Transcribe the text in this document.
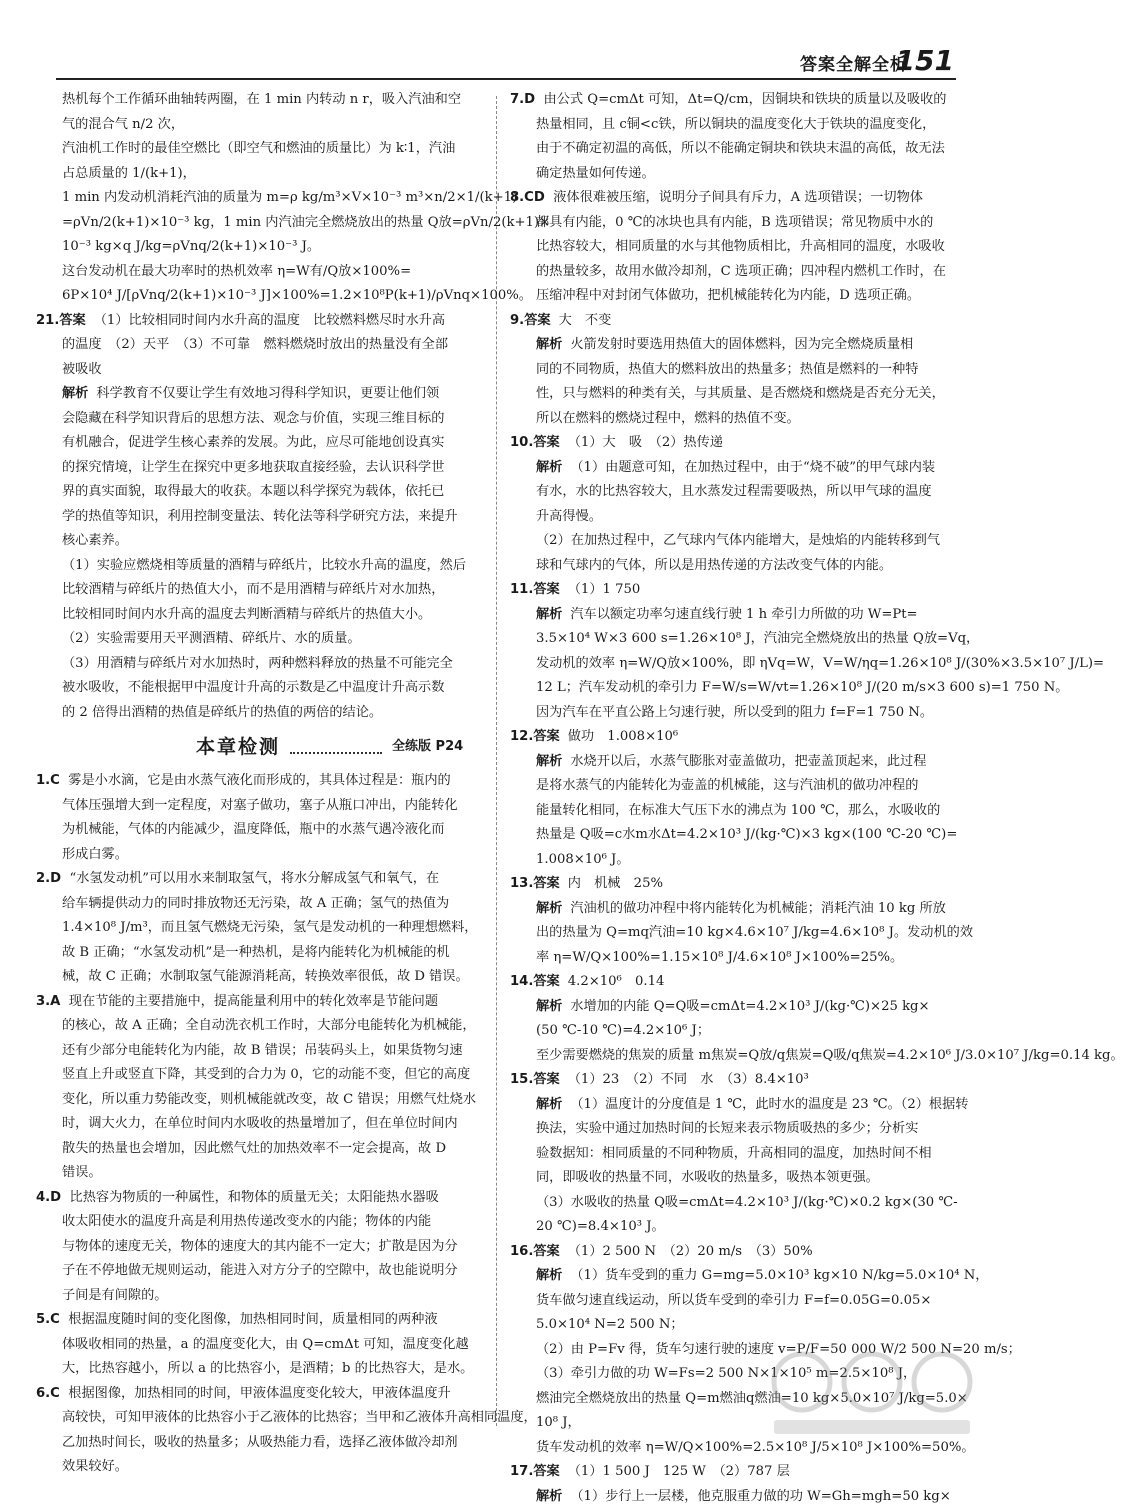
答案全解全析
151
热机每个工作循环曲轴转两圈，在 1 min 内转动 n r，吸入汽油和空
气的混合气 n/2 次，
汽油机工作时的最佳空燃比（即空气和燃油的质量比）为 k∶1，汽油
占总质量的 1/(k+1)，
1 min 内发动机消耗汽油的质量为 m=ρ kg/m³×V×10⁻³ m³×n/2×1/(k+1)
=ρVn/2(k+1)×10⁻³ kg，1 min 内汽油完全燃烧放出的热量 Q放=ρVn/2(k+1)×
10⁻³ kg×q J/kg=ρVnq/2(k+1)×10⁻³ J。
这台发动机在最大功率时的热机效率 η=W有/Q放×100%=
6P×10⁴ J/[ρVnq/2(k+1)×10⁻³ J]×100%=1.2×10⁸P(k+1)/ρVnq×100%。
21.答案 （1）比较相同时间内水升高的温度　比较燃料燃尽时水升高
的温度　（2）天平　（3）不可靠　燃料燃烧时放出的热量没有全部
被吸收
解析 科学教育不仅要让学生有效地习得科学知识，更要让他们领
会隐藏在科学知识背后的思想方法、观念与价值，实现三维目标的
有机融合，促进学生核心素养的发展。为此，应尽可能地创设真实
的探究情境，让学生在探究中更多地获取直接经验，去认识科学世
界的真实面貌，取得最大的收获。本题以科学探究为载体，依托已
学的热值等知识，利用控制变量法、转化法等科学研究方法，来提升
核心素养。
（1）实验应燃烧相等质量的酒精与碎纸片，比较水升高的温度，然后
比较酒精与碎纸片的热值大小，而不是用酒精与碎纸片对水加热，
比较相同时间内水升高的温度去判断酒精与碎纸片的热值大小。
（2）实验需要用天平测酒精、碎纸片、水的质量。
（3）用酒精与碎纸片对水加热时，两种燃料释放的热量不可能完全
被水吸收，不能根据甲中温度计升高的示数是乙中温度计升高示数
的 2 倍得出酒精的热值是碎纸片的热值的两倍的结论。
本章检测	全练版 P24
1.C 雾是小水滴，它是由水蒸气液化而形成的，其具体过程是：瓶内的
气体压强增大到一定程度，对塞子做功，塞子从瓶口冲出，内能转化
为机械能，气体的内能减少，温度降低，瓶中的水蒸气遇冷液化而
形成白雾。
2.D “水氢发动机”可以用水来制取氢气，将水分解成氢气和氧气，在
给车辆提供动力的同时排放物还无污染，故 A 正确；氢气的热值为
1.4×10⁸ J/m³，而且氢气燃烧无污染，氢气是发动机的一种理想燃料，
故 B 正确；“水氢发动机”是一种热机，是将内能转化为机械能的机
械，故 C 正确；水制取氢气能源消耗高，转换效率很低，故 D 错误。
3.A 现在节能的主要措施中，提高能量利用中的转化效率是节能问题
的核心，故 A 正确；全自动洗衣机工作时，大部分电能转化为机械能，
还有少部分电能转化为内能，故 B 错误；吊装码头上，如果货物匀速
竖直上升或竖直下降，其受到的合力为 0，它的动能不变，但它的高度
变化，所以重力势能改变，则机械能就改变，故 C 错误；用燃气灶烧水
时，调大火力，在单位时间内水吸收的热量增加了，但在单位时间内
散失的热量也会增加，因此燃气灶的加热效率不一定会提高，故 D
错误。
4.D 比热容为物质的一种属性，和物体的质量无关；太阳能热水器吸
收太阳使水的温度升高是利用热传递改变水的内能；物体的内能
与物体的速度无关，物体的速度大的其内能不一定大；扩散是因为分
子在不停地做无规则运动，能进入对方分子的空隙中，故也能说明分
子间是有间隙的。
5.C 根据温度随时间的变化图像，加热相同时间，质量相同的两种液
体吸收相同的热量，a 的温度变化大，由 Q=cmΔt 可知，温度变化越
大，比热容越小，所以 a 的比热容小，是酒精；b 的比热容大，是水。
6.C 根据图像，加热相同的时间，甲液体温度变化较大，甲液体温度升
高较快，可知甲液体的比热容小于乙液体的比热容；当甲和乙液体升高相同温度，
乙加热时间长，吸收的热量多；从吸热能力看，选择乙液体做冷却剂
效果较好。
7.D 由公式 Q=cmΔt 可知，Δt=Q/cm，因铜块和铁块的质量以及吸收的
热量相同，且 c铜<c铁，所以铜块的温度变化大于铁块的温度变化，
由于不确定初温的高低，所以不能确定铜块和铁块末温的高低，故无法
确定热量如何传递。
8.CD 液体很难被压缩，说明分子间具有斥力，A 选项错误；一切物体
都具有内能，0 ℃的冰块也具有内能，B 选项错误；常见物质中水的
比热容较大，相同质量的水与其他物质相比，升高相同的温度，水吸收
的热量较多，故用水做冷却剂，C 选项正确；四冲程内燃机工作时，在
压缩冲程中对封闭气体做功，把机械能转化为内能，D 选项正确。
9.答案 大　不变
解析 火箭发射时要选用热值大的固体燃料，因为完全燃烧质量相
同的不同物质，热值大的燃料放出的热量多；热值是燃料的一种特
性，只与燃料的种类有关，与其质量、是否燃烧和燃烧是否充分无关，
所以在燃料的燃烧过程中，燃料的热值不变。
10.答案 （1）大　吸　（2）热传递
解析 （1）由题意可知，在加热过程中，由于“烧不破”的甲气球内装
有水，水的比热容较大，且水蒸发过程需要吸热，所以甲气球的温度
升高得慢。
（2）在加热过程中，乙气球内气体内能增大，是烛焰的内能转移到气
球和气球内的气体，所以是用热传递的方法改变气体的内能。
11.答案 （1）1 750
解析 汽车以额定功率匀速直线行驶 1 h 牵引力所做的功 W=Pt=
3.5×10⁴ W×3 600 s=1.26×10⁸ J，汽油完全燃烧放出的热量 Q放=Vq，
发动机的效率 η=W/Q放×100%，即 ηVq=W，V=W/ηq=1.26×10⁸ J/(30%×3.5×10⁷ J/L)=
12 L；汽车发动机的牵引力 F=W/s=W/vt=1.26×10⁸ J/(20 m/s×3 600 s)=1 750 N。
因为汽车在平直公路上匀速行驶，所以受到的阻力 f=F=1 750 N。
12.答案 做功　1.008×10⁶
解析 水烧开以后，水蒸气膨胀对壶盖做功，把壶盖顶起来，此过程
是将水蒸气的内能转化为壶盖的机械能，这与汽油机的做功冲程的
能量转化相同，在标准大气压下水的沸点为 100 ℃，那么，水吸收的
热量是 Q吸=c水m水Δt=4.2×10³ J/(kg·℃)×3 kg×(100 ℃-20 ℃)=
1.008×10⁶ J。
13.答案 内　机械　25%
解析 汽油机的做功冲程中将内能转化为机械能；消耗汽油 10 kg 所放
出的热量为 Q=mq汽油=10 kg×4.6×10⁷ J/kg=4.6×10⁸ J。发动机的效
率 η=W/Q×100%=1.15×10⁸ J/4.6×10⁸ J×100%=25%。
14.答案 4.2×10⁶　0.14
解析 水增加的内能 Q=Q吸=cmΔt=4.2×10³ J/(kg·℃)×25 kg×
(50 ℃-10 ℃)=4.2×10⁶ J；
至少需要燃烧的焦炭的质量 m焦炭=Q放/q焦炭=Q吸/q焦炭=4.2×10⁶ J/3.0×10⁷ J/kg=0.14 kg。
15.答案 （1）23　（2）不同　水　（3）8.4×10³
解析 （1）温度计的分度值是 1 ℃，此时水的温度是 23 ℃。（2）根据转
换法，实验中通过加热时间的长短来表示物质吸热的多少；分析实
验数据知：相同质量的不同种物质，升高相同的温度，加热时间不相
同，即吸收的热量不同，水吸收的热量多，吸热本领更强。
（3）水吸收的热量 Q吸=cmΔt=4.2×10³ J/(kg·℃)×0.2 kg×(30 ℃-
20 ℃)=8.4×10³ J。
16.答案 （1）2 500 N　（2）20 m/s　（3）50%
解析 （1）货车受到的重力 G=mg=5.0×10³ kg×10 N/kg=5.0×10⁴ N，
货车做匀速直线运动，所以货车受到的牵引力 F=f=0.05G=0.05×
5.0×10⁴ N=2 500 N；
（2）由 P=Fv 得，货车匀速行驶的速度 v=P/F=50 000 W/2 500 N=20 m/s；
（3）牵引力做的功 W=Fs=2 500 N×1×10⁵ m=2.5×10⁸ J，
燃油完全燃烧放出的热量 Q=m燃油q燃油=10 kg×5.0×10⁷ J/kg=5.0×
10⁸ J，
货车发动机的效率 η=W/Q×100%=2.5×10⁸ J/5×10⁸ J×100%=50%。
17.答案 （1）1 500 J　125 W　（2）787 层
解析 （1）步行上一层楼，他克服重力做的功 W=Gh=mgh=50 kg×
